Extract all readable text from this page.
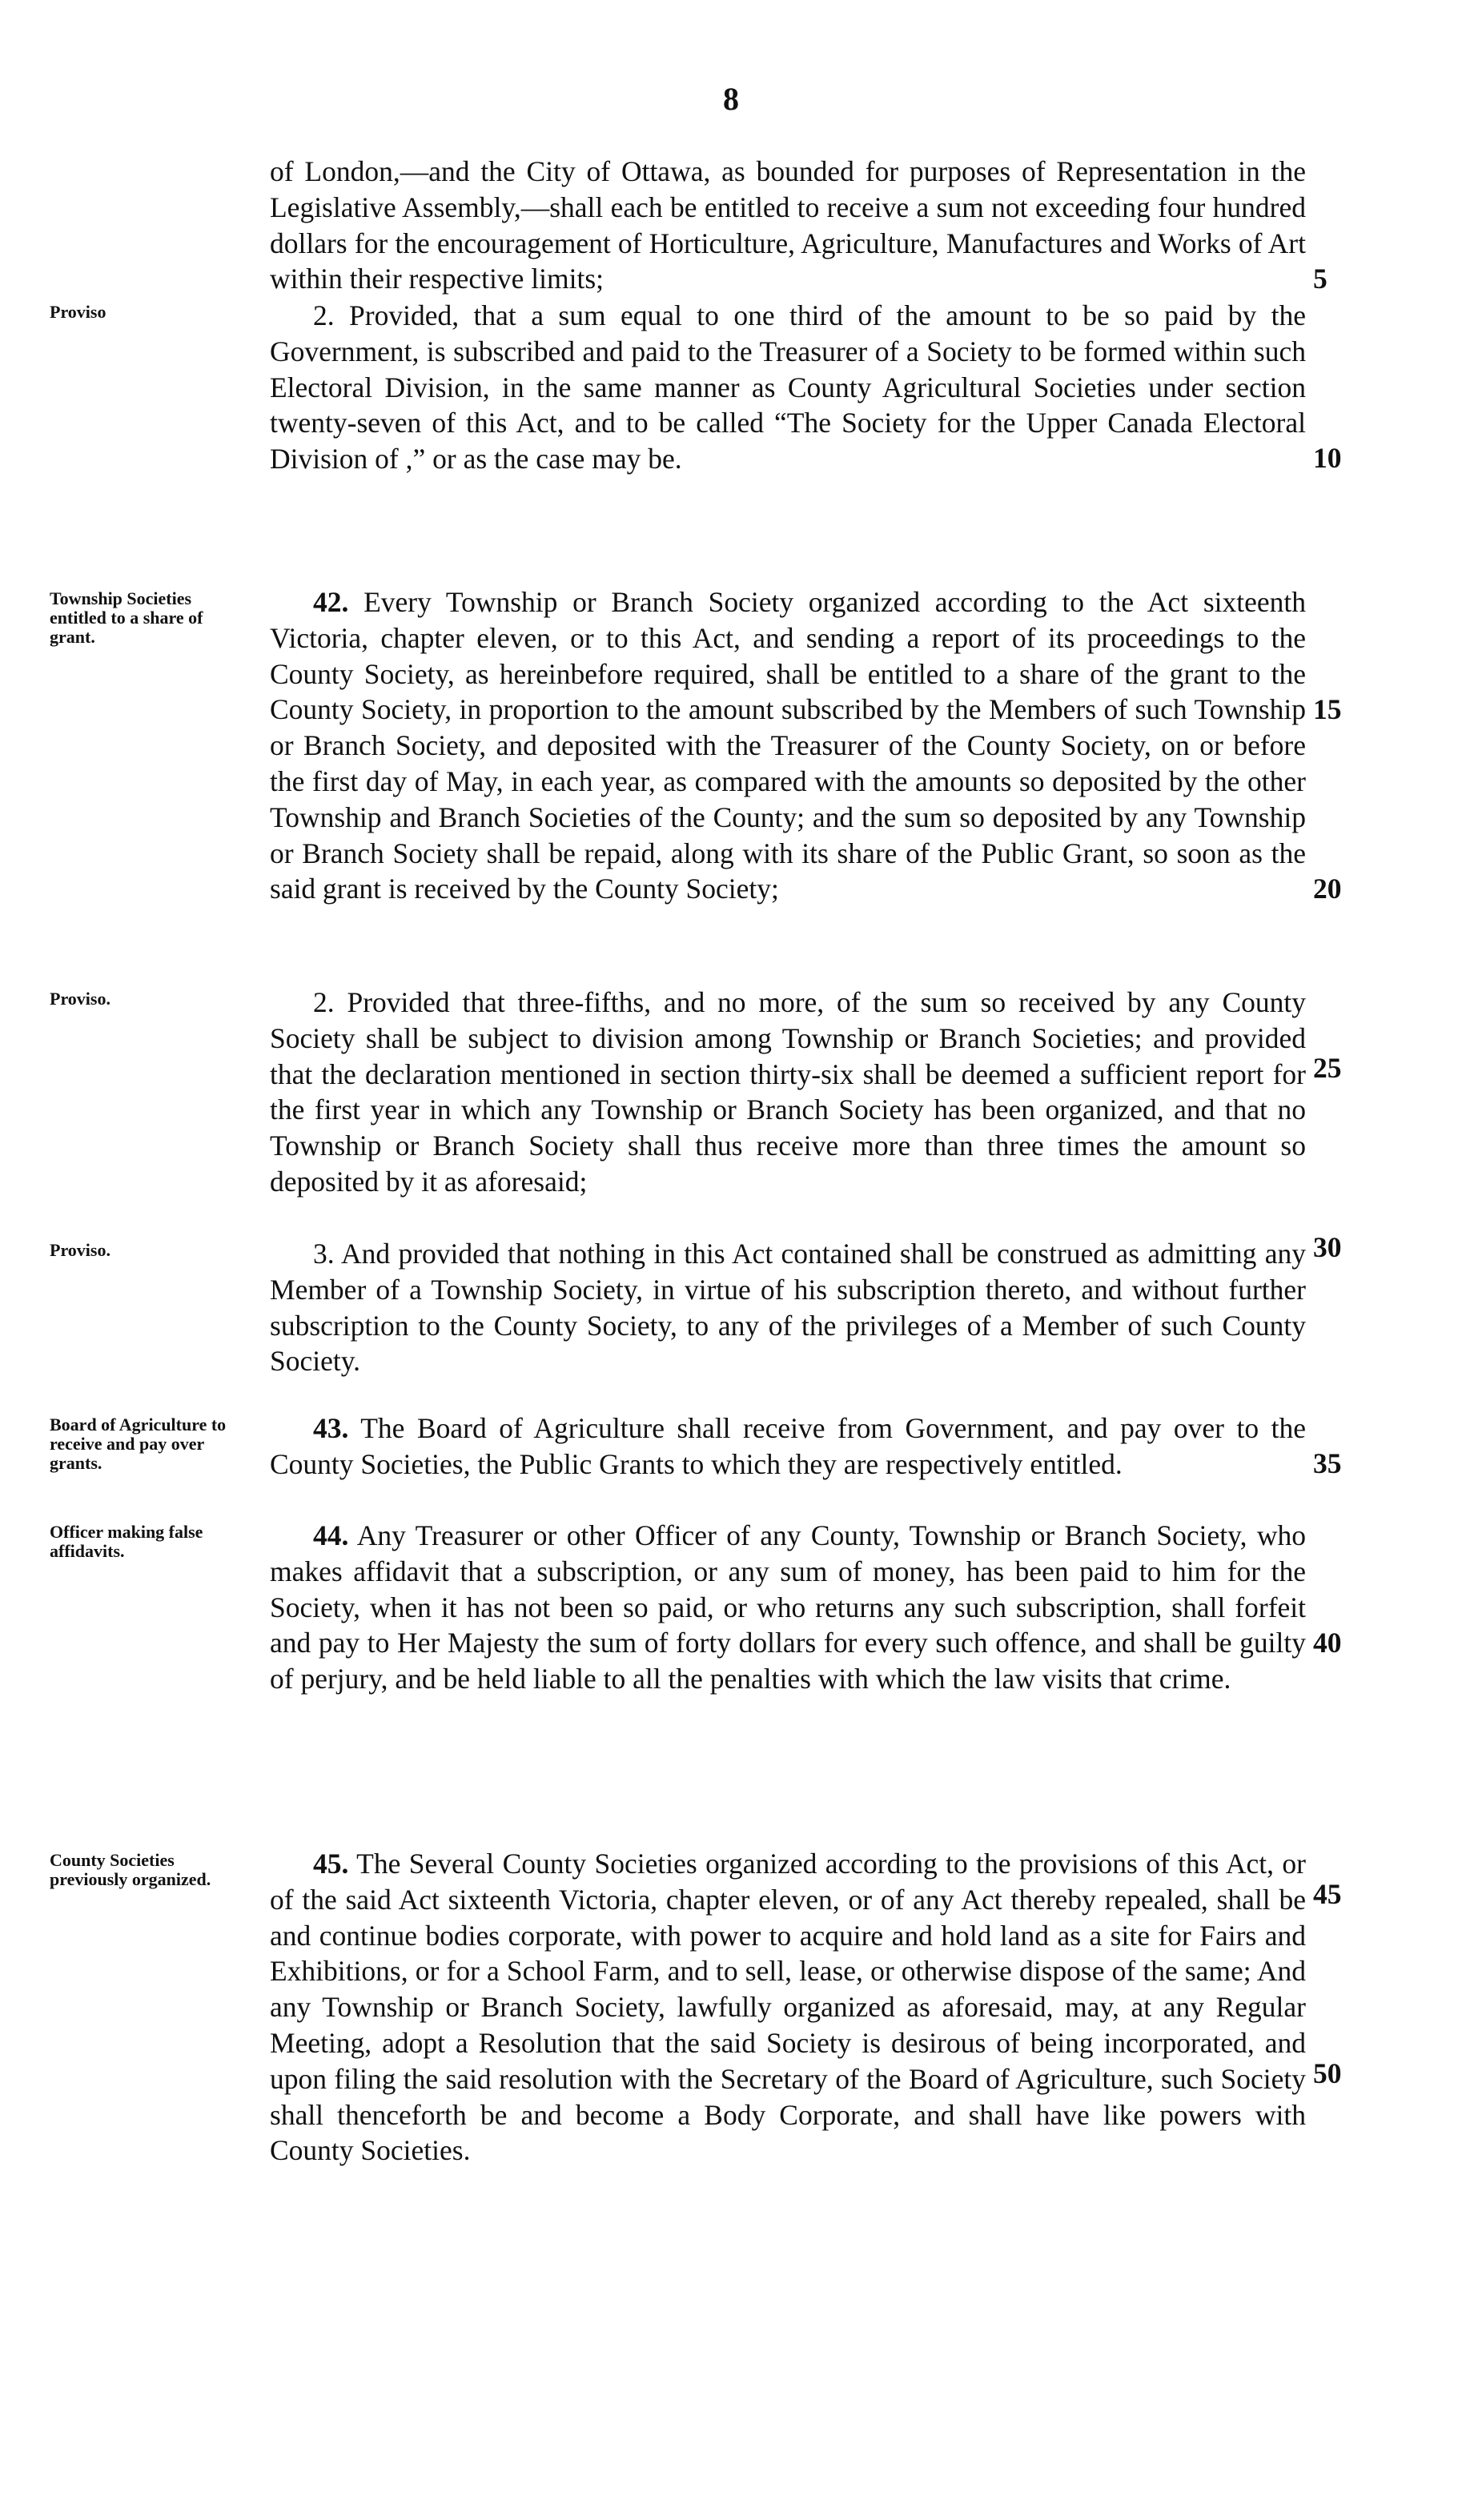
8

of London,—and the City of Ottawa, as bounded for purposes of Representation in the Legislative Assembly,—shall each be entitled to receive a sum not exceeding four hundred dollars for the encouragement of Horticulture, Agriculture, Manufactures and Works of Art within their respective limits;

Proviso	2. Provided, that a sum equal to one third of the amount to be so paid by the Government, is subscribed and paid to the Treasurer of a Society to be formed within such Electoral Division, in the same manner as County Agricultural Societies under section twenty-seven of this Act, and to be called “The Society for the Upper Canada Electoral Division of ,” or as the case may be.

Township Societies entitled to a share of grant.

42. Every Township or Branch Society organized according to the Act sixteenth Victoria, chapter eleven, or to this Act, and sending a report of its proceedings to the County Society, as hereinbefore required, shall be entitled to a share of the grant to the County Society, in proportion to the amount subscribed by the Members of such Township or Branch Society, and deposited with the Treasurer of the County Society, on or before the first day of May, in each year, as compared with the amounts so deposited by the other Township and Branch Societies of the County; and the sum so deposited by any Township or Branch Society shall be repaid, along with its share of the Public Grant, so soon as the said grant is received by the County Society;

Proviso.	2. Provided that three-fifths, and no more, of the sum so received by any County Society shall be subject to division among Township or Branch Societies; and provided that the declaration mentioned in section thirty-six shall be deemed a sufficient report for the first year in which any Township or Branch Society has been organized, and that no Township or Branch Society shall thus receive more than three times the amount so deposited by it as aforesaid;

Proviso.	3. And provided that nothing in this Act contained shall be construed as admitting any Member of a Township Society, in virtue of his subscription thereto, and without further subscription to the County Society, to any of the privileges of a Member of such County Society.

Board of Agriculture to receive and pay over grants.

43. The Board of Agriculture shall receive from Government, and pay over to the County Societies, the Public Grants to which they are respectively entitled.

Officer making false affidavits.	44. Any Treasurer or other Officer of any County, Township or Branch Society, who makes affidavit that a subscription, or any sum of money, has been paid to him for the Society, when it has not been so paid, or who returns any such subscription, shall forfeit and pay to Her Majesty the sum of forty dollars for every such offence, and shall be guilty of perjury, and be held liable to all the penalties with which the law visits that crime.

County Societies previously organized.	45. The Several County Societies organized according to the provisions of this Act, or of the said Act sixteenth Victoria, chapter eleven, or of any Act thereby repealed, shall be and continue bodies corporate, with power to acquire and hold land as a site for Fairs and Exhibitions, or for a School Farm, and to sell, lease, or otherwise dispose of the same; And any Township or Branch Society, lawfully organized as aforesaid, may, at any Regular Meeting, adopt a Resolution that the said Society is desirous of being incorporated, and upon filing the said resolution with the Secretary of the Board of Agriculture, such Society shall thenceforth be and become a Body Corporate, and shall have like powers with County Societies.

5
10
15
20
25
30
35
40
45
50
